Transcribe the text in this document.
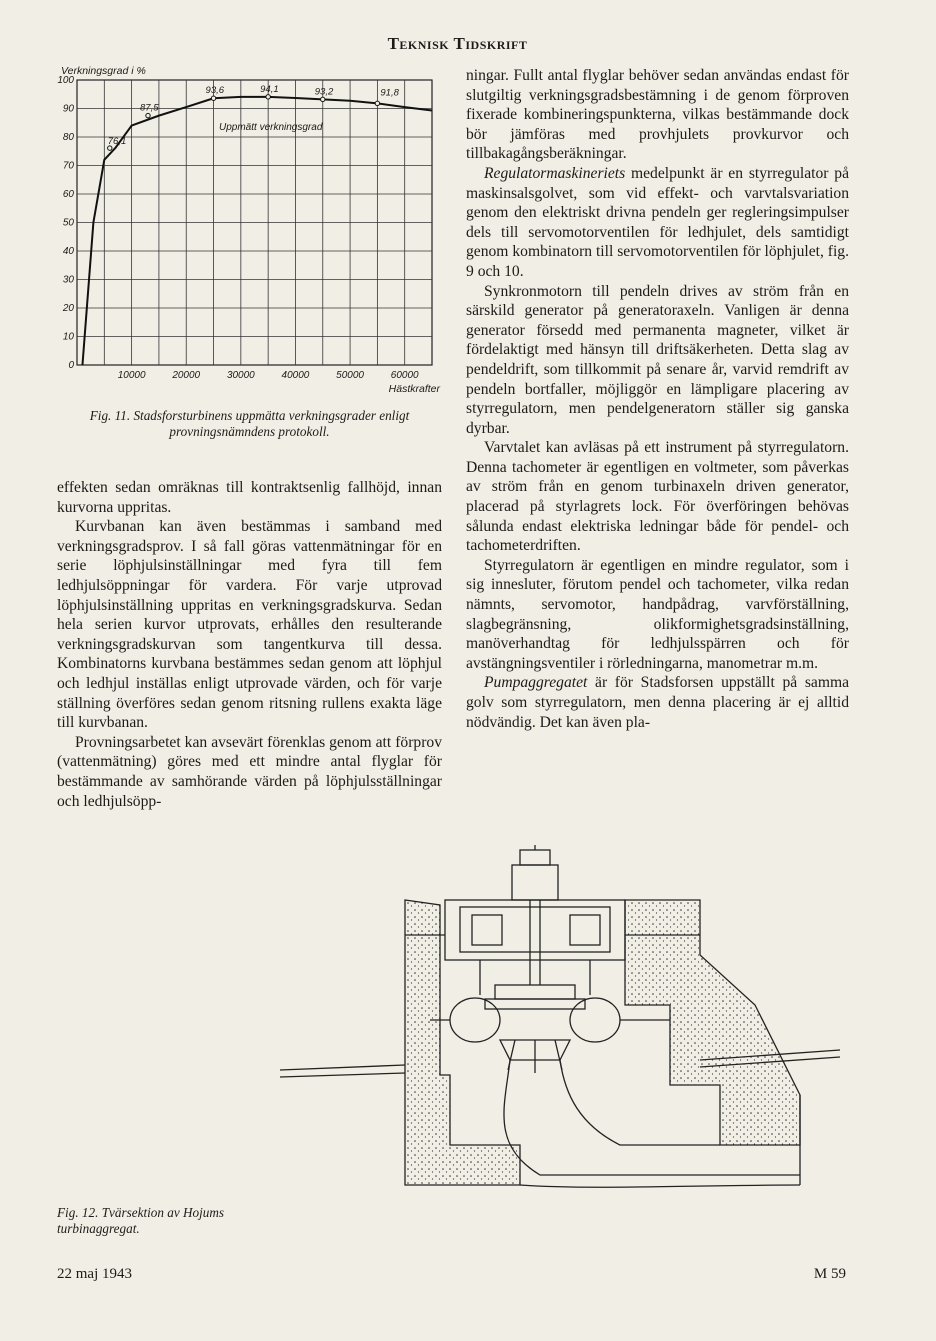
Teknisk Tidskrift
0
10
20
30
40
50
60
70
80
90
100
10000	20000	30000	40000	50000	60000
Verkningsgrad i %
Hästkrafter
Uppmätt verkningsgrad
76,1
87,5
93,6	94,1	93,2	91,8
Fig. 11. Stadsforsturbinens uppmätta verkningsgrader enligt provningsnämndens protokoll.

effekten sedan omräknas till kontraktsenlig fallhöjd, innan kurvorna uppritas.

Kurvbanan kan även bestämmas i samband med verkningsgradsprov. I så fall göras vattenmätningar för en serie löphjulsinställningar med fyra till fem ledhjulsöppningar för vardera. För varje utprovad löphjulsinställning uppritas en verkningsgradskurva. Sedan hela serien kurvor utprovats, erhålles den resulterande verkningsgradskurvan som tangentkurva till dessa. Kombinatorns kurvbana bestämmes sedan genom att löphjul och ledhjul inställas enligt utprovade värden, och för varje ställning överföres sedan genom ritsning rullens exakta läge till kurvbanan.

Provningsarbetet kan avsevärt förenklas genom att förprov (vattenmätning) göres med ett mindre antal flyglar för bestämmande av samhörande värden på löphjulsställningar och ledhjulsöpp-

ningar. Fullt antal flyglar behöver sedan användas endast för slutgiltig verkningsgradsbestämning i de genom förproven fixerade kombineringspunkterna, vilkas bestämmande dock bör jämföras med provhjulets provkurvor och tillbakagångsberäkningar.

Regulatormaskineriets medelpunkt är en styrregulator på maskinsalsgolvet, som vid effekt- och varvtalsvariation genom den elektriskt drivna pendeln ger regleringsimpulser dels till servomotorventilen för ledhjulet, dels samtidigt genom kombinatorn till servomotorventilen för löphjulet, fig. 9 och 10.

Synkronmotorn till pendeln drives av ström från en särskild generator på generatoraxeln. Vanligen är denna generator försedd med permanenta magneter, vilket är fördelaktigt med hänsyn till driftsäkerheten. Detta slag av pendeldrift, som tillkommit på senare år, varvid remdrift av pendeln bortfaller, möjliggör en lämpligare placering av styrregulatorn, men pendelgeneratorn ställer sig ganska dyrbar.

Varvtalet kan avläsas på ett instrument på styrregulatorn. Denna tachometer är egentligen en voltmeter, som påverkas av ström från en genom turbinaxeln driven generator, placerad på styrlagrets lock. För överföringen behövas sålunda endast elektriska ledningar både för pendel- och tachometerdriften.

Styrregulatorn är egentligen en mindre regulator, som i sig innesluter, förutom pendel och tachometer, vilka redan nämnts, servomotor, handpådrag, varvförställning, slagbegränsning, olikformighetsgradsinställning, manöverhandtag för ledhjulsspärren och för avstängningsventiler i rörledningarna, manometrar m.m.

Pumpaggregatet är för Stadsforsen uppställt på samma golv som styrregulatorn, men denna placering är ej alltid nödvändig. Det kan även pla-

Fig. 12. Tvärsektion av Hojums turbinaggregat.
22 maj 1943	M 59
